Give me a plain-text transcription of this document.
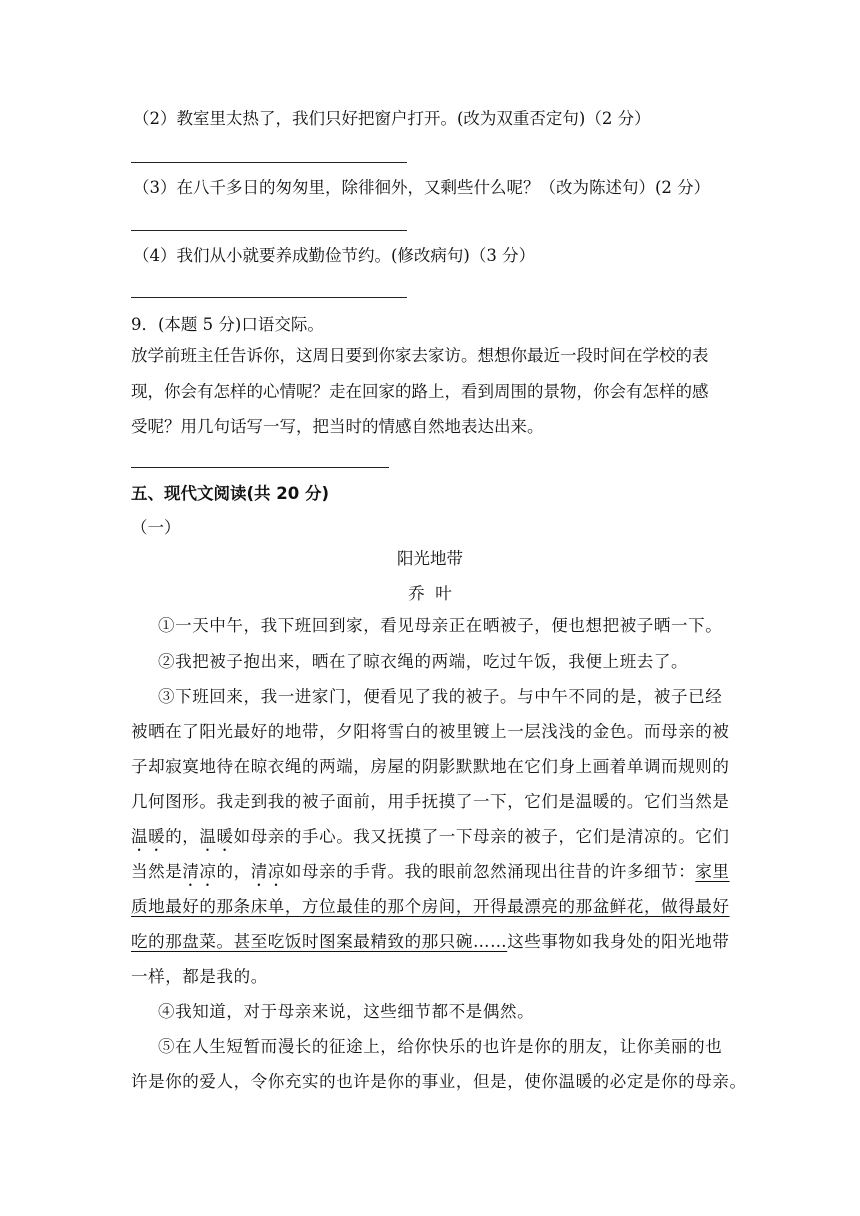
（2）教室里太热了，我们只好把窗户打开。(改为双重否定句)（2 分）
（3）在八千多日的匆匆里，除徘徊外，又剩些什么呢？（改为陈述句）(2 分）
（4）我们从小就要养成勤俭节约。(修改病句)（3 分）
9．(本题 5 分)口语交际。
放学前班主任告诉你，这周日要到你家去家访。想想你最近一段时间在学校的表
现，你会有怎样的心情呢？走在回家的路上，看到周围的景物，你会有怎样的感
受呢？用几句话写一写，把当时的情感自然地表达出来。
五、现代文阅读(共 20 分)
（一）
阳光地带
乔  叶
①一天中午，我下班回到家，看见母亲正在晒被子，便也想把被子晒一下。
②我把被子抱出来，晒在了晾衣绳的两端，吃过午饭，我便上班去了。
③下班回来，我一进家门，便看见了我的被子。与中午不同的是，被子已经
被晒在了阳光最好的地带，夕阳将雪白的被里镀上一层浅浅的金色。而母亲的被
子却寂寞地待在晾衣绳的两端，房屋的阴影默默地在它们身上画着单调而规则的
几何图形。我走到我的被子面前，用手抚摸了一下，它们是温暖的。它们当然是
温暖的，温暖如母亲的手心。我又抚摸了一下母亲的被子，它们是清凉的。它们
当然是清凉的，清凉如母亲的手背。我的眼前忽然涌现出往昔的许多细节：家里
质地最好的那条床单，方位最佳的那个房间，开得最漂亮的那盆鲜花，做得最好
吃的那盘菜。甚至吃饭时图案最精致的那只碗……这些事物如我身处的阳光地带
一样，都是我的。
④我知道，对于母亲来说，这些细节都不是偶然。
⑤在人生短暂而漫长的征途上，给你快乐的也许是你的朋友，让你美丽的也
许是你的爱人，令你充实的也许是你的事业，但是，使你温暖的必定是你的母亲。
